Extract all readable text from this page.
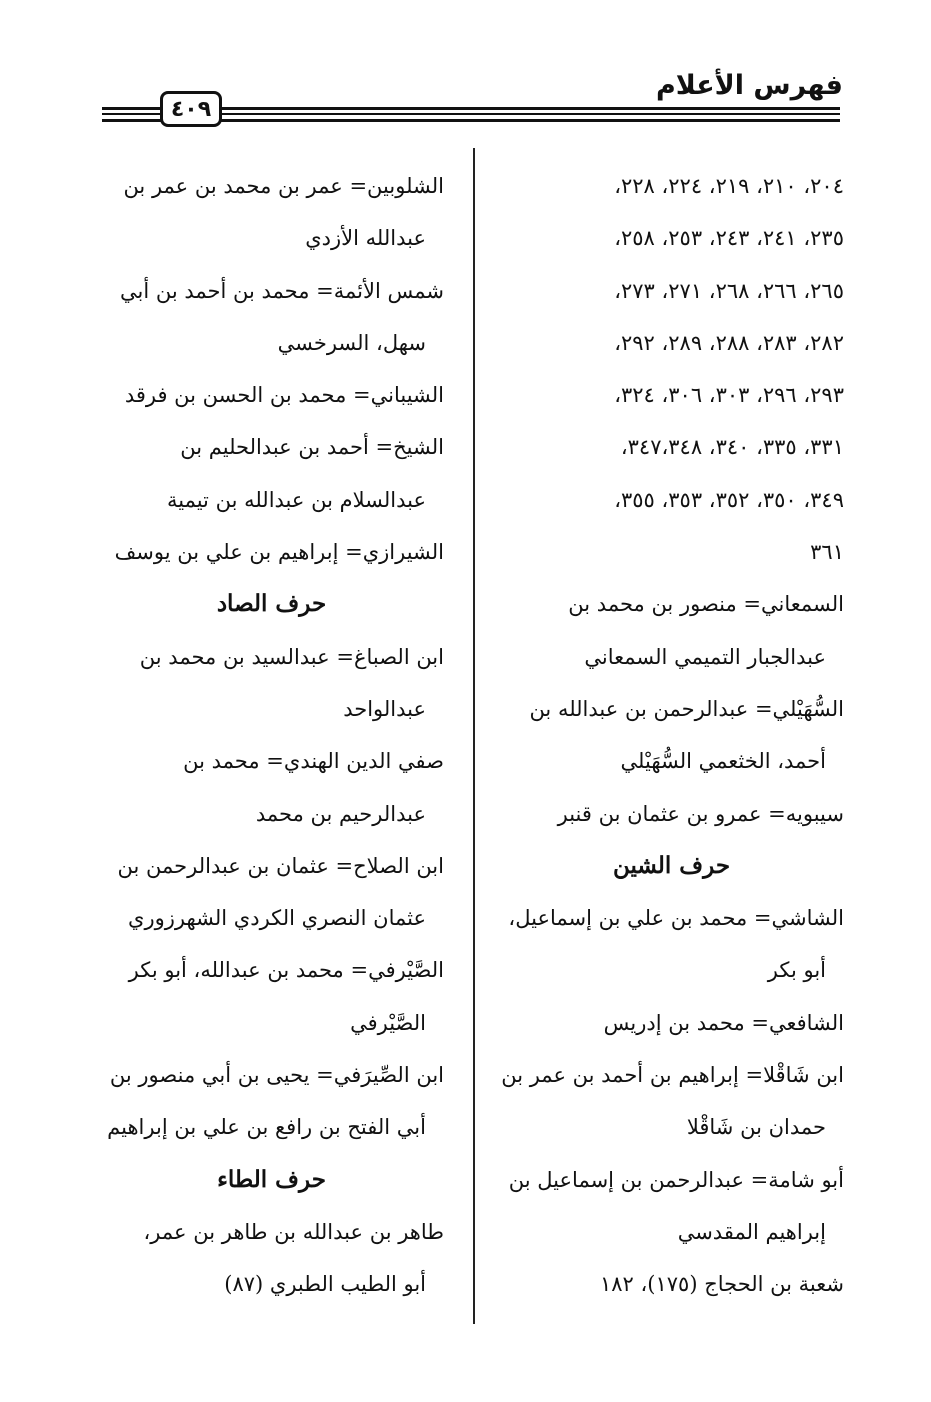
فهرس الأعلام
٤٠٩
٢٠٤، ٢١٠، ٢١٩، ٢٢٤، ٢٢٨،
٢٣٥، ٢٤١، ٢٤٣، ٢٥٣، ٢٥٨،
٢٦٥، ٢٦٦، ٢٦٨، ٢٧١، ٢٧٣،
٢٨٢، ٢٨٣، ٢٨٨، ٢٨٩، ٢٩٢،
٢٩٣، ٢٩٦، ٣٠٣، ٣٠٦، ٣٢٤،
٣٣١، ٣٣٥، ٣٤٠، ٣٤٧،٣٤٨،
٣٤٩، ٣٥٠، ٣٥٢، ٣٥٣، ٣٥٥،
٣٦١
السمعاني= منصور بن محمد بن
عبدالجبار التميمي السمعاني
السُّهَيْلي= عبدالرحمن بن عبدالله بن
أحمد، الخثعمي السُّهَيْلي
سيبويه= عمرو بن عثمان بن قنبر
حرف الشين
الشاشي= محمد بن علي بن إسماعيل،
أبو بكر
الشافعي= محمد بن إدريس
ابن شَاقْلا= إبراهيم بن أحمد بن عمر بن
حمدان بن شَاقْلا
أبو شامة= عبدالرحمن بن إسماعيل بن
إبراهيم المقدسي
شعبة بن الحجاج (١٧٥)، ١٨٢
الشلوبين= عمر بن محمد بن عمر بن
عبدالله الأزدي
شمس الأئمة= محمد بن أحمد بن أبي
سهل، السرخسي
الشيباني= محمد بن الحسن بن فرقد
الشيخ= أحمد بن عبدالحليم بن
عبدالسلام بن عبدالله بن تيمية
الشيرازي= إبراهيم بن علي بن يوسف
حرف الصاد
ابن الصباغ= عبدالسيد بن محمد بن
عبدالواحد
صفي الدين الهندي= محمد بن
عبدالرحيم بن محمد
ابن الصلاح= عثمان بن عبدالرحمن بن
عثمان النصري الكردي الشهرزوري
الصَّيْرفي= محمد بن عبدالله، أبو بكر
الصَّيْرفي
ابن الصِّيرَفي= يحيى بن أبي منصور بن
أبي الفتح بن رافع بن علي بن إبراهيم
حرف الطاء
طاهر بن عبدالله بن طاهر بن عمر،
أبو الطيب الطبري (٨٧)
